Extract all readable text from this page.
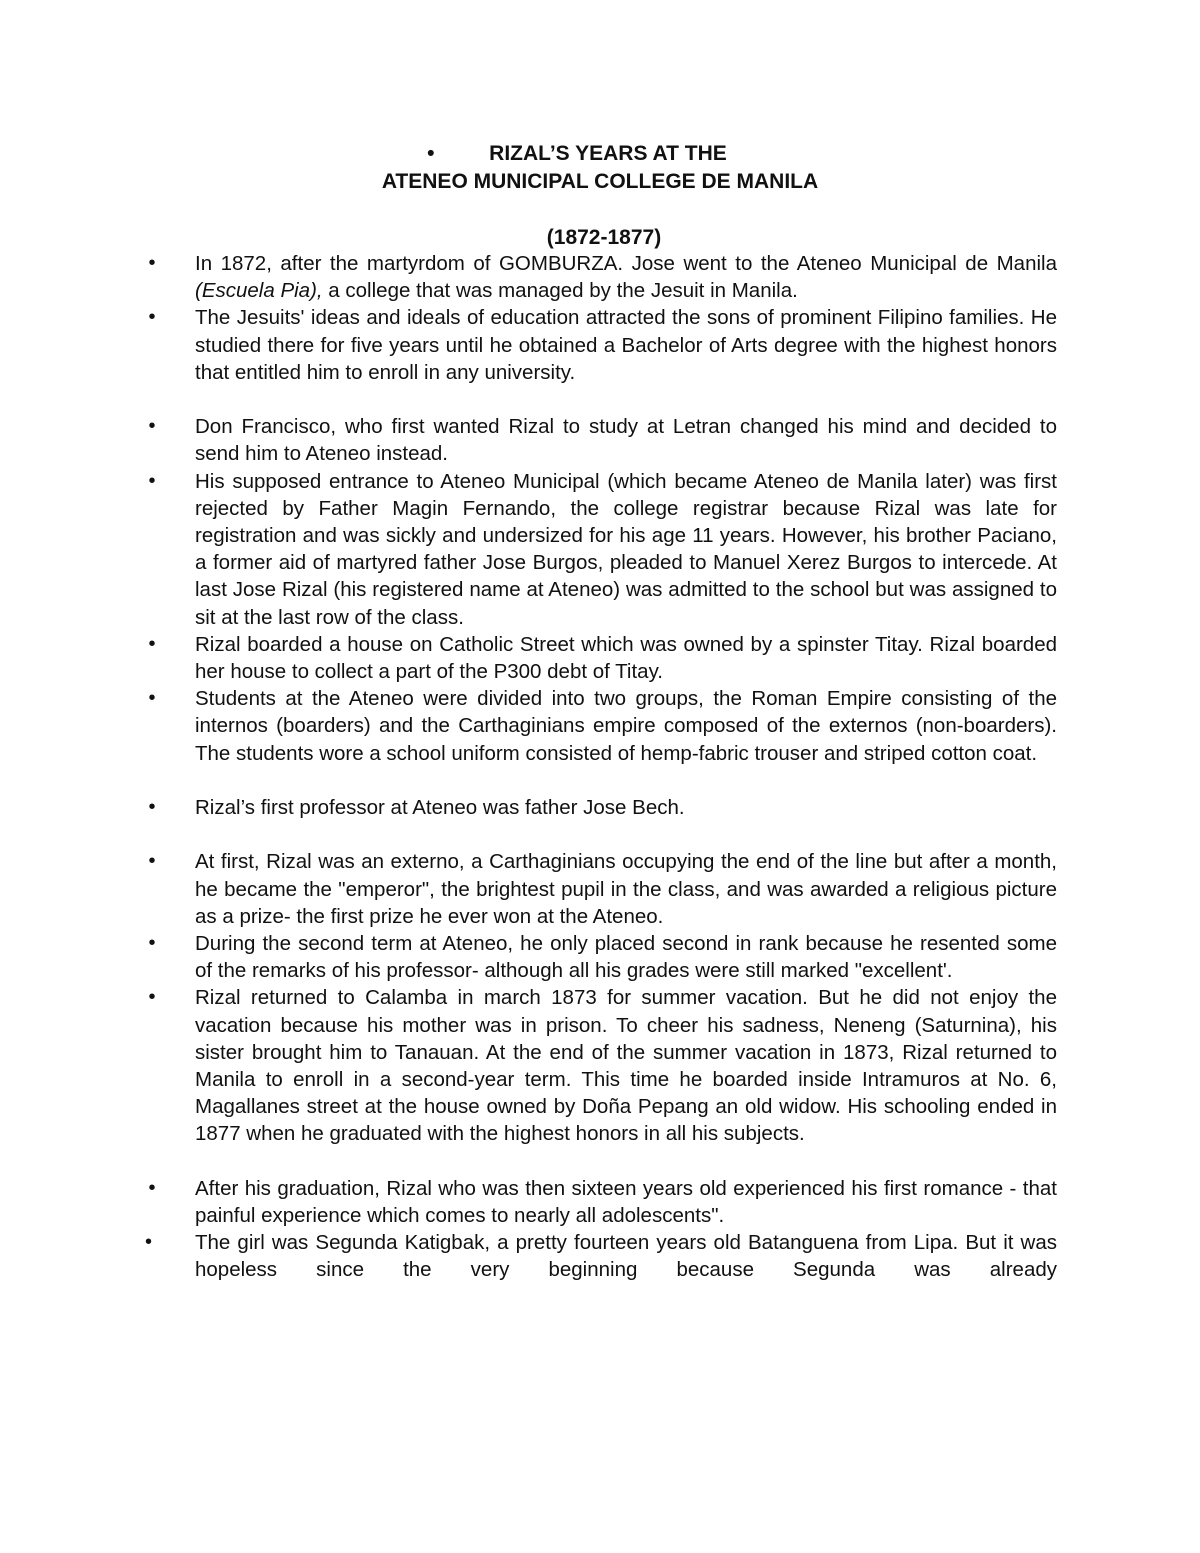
•	RIZAL’S YEARS AT THE
ATENEO MUNICIPAL COLLEGE DE MANILA
(1872-1877)
• In 1872, after the martyrdom of GOMBURZA. Jose went to the Ateneo Municipal de Manila (Escuela Pia), a college that was managed by the Jesuit in Manila.
• The Jesuits' ideas and ideals of education attracted the sons of prominent Filipino families. He studied there for five years until he obtained a Bachelor of Arts degree with the highest honors that entitled him to enroll in any university.
• Don Francisco, who first wanted Rizal to study at Letran changed his mind and decided to send him to Ateneo instead.
• His supposed entrance to Ateneo Municipal (which became Ateneo de Manila later) was first rejected by Father Magin Fernando, the college registrar because Rizal was late for registration and was sickly and undersized for his age 11 years. However, his brother Paciano, a former aid of martyred father Jose Burgos, pleaded to Manuel Xerez Burgos to intercede. At last Jose Rizal (his registered name at Ateneo) was admitted to the school but was assigned to sit at the last row of the class.
• Rizal boarded a house on Catholic Street which was owned by a spinster Titay. Rizal boarded her house to collect a part of the P300 debt of Titay.
• Students at the Ateneo were divided into two groups, the Roman Empire consisting of the internos (boarders) and the Carthaginians empire composed of the externos (non-boarders). The students wore a school uniform consisted of hemp-fabric trouser and striped cotton coat.
• Rizal’s first professor at Ateneo was father Jose Bech.
• At first, Rizal was an externo, a Carthaginians occupying the end of the line but after a month, he became the "emperor", the brightest pupil in the class, and was awarded a religious picture as a prize- the first prize he ever won at the Ateneo.
• During the second term at Ateneo, he only placed second in rank because he resented some of the remarks of his professor- although all his grades were still marked "excellent'.
• Rizal returned to Calamba in march 1873 for summer vacation. But he did not enjoy the vacation because his mother was in prison. To cheer his sadness, Neneng (Saturnina), his sister brought him to Tanauan. At the end of the summer vacation in 1873, Rizal returned to Manila to enroll in a second-year term. This time he boarded inside Intramuros at No. 6, Magallanes street at the house owned by Doña Pepang an old widow. His schooling ended in 1877 when he graduated with the highest honors in all his subjects.
• After his graduation, Rizal who was then sixteen years old experienced his first romance - that painful experience which comes to nearly all adolescents".
•	The girl was Segunda Katigbak, a pretty fourteen years old Batanguena from Lipa. But it was hopeless since the very beginning because Segunda was already
